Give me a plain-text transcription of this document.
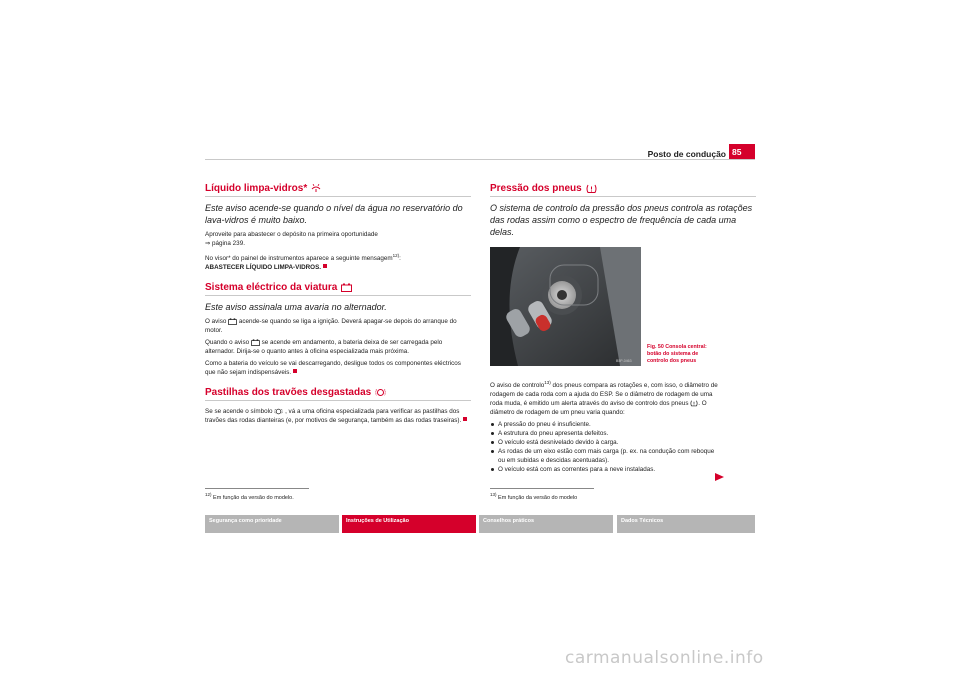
Posto de condução 85
Líquido limpa-vidros*
Este aviso acende-se quando o nível da água no reservatório do lava-vidros é muito baixo.

Aproveite para abastecer o depósito na primeira oportunidade
⇒ página 239.

No visor* do painel de instrumentos aparece a seguinte mensagem$^{12)}$:
ABASTECER LÍQUIDO LIMPA-VIDROS.

Sistema eléctrico da viatura
Este aviso assinala uma avaria no alternador.

O aviso acende-se quando se liga a ignição. Deverá apagar-se depois do arranque do motor.

Quando o aviso se acende em andamento, a bateria deixa de ser carregada pelo alternador. Dirija-se o quanto antes à oficina especializada mais próxima.

Como a bateria do veículo se vai descarregando, desligue todos os componentes eléctricos que não sejam indispensáveis.

Pastilhas dos travões desgastadas

Se se acende o símbolo , vá a uma oficina especializada para verificar as pastilhas dos travões das rodas dianteiras (e, por motivos de segurança, também as das rodas traseiras).

$^{12)}$ Em função da versão do modelo.
Pressão dos pneus
O sistema de controlo da pressão dos pneus controla as rotações das rodas assim como o espectro de frequência de cada uma delas.
B5P-0463
Fig. 50 Consola central: botão do sistema de controlo dos pneus

O aviso de controlo$^{13)}$ dos pneus compara as rotações e, com isso, o diâmetro de rodagem de cada roda com a ajuda do ESP. Se o diâmetro de rodagem de uma roda muda, é emitido um alerta através do aviso de controlo dos pneus . O diâmetro de rodagem de um pneu varia quando:

A pressão do pneu é insuficiente.
A estrutura do pneu apresenta defeitos.
O veículo está desnivelado devido à carga.
As rodas de um eixo estão com mais carga (p. ex. na condução com reboque ou em subidas e descidas acentuadas).
O veículo está com as correntes para a neve instaladas.
$^{13)}$ Em função da versão do modelo
Segurança como prioridade	Instruções de Utilização	Conselhos práticos	Dados Técnicos
carmanualsonline.info
